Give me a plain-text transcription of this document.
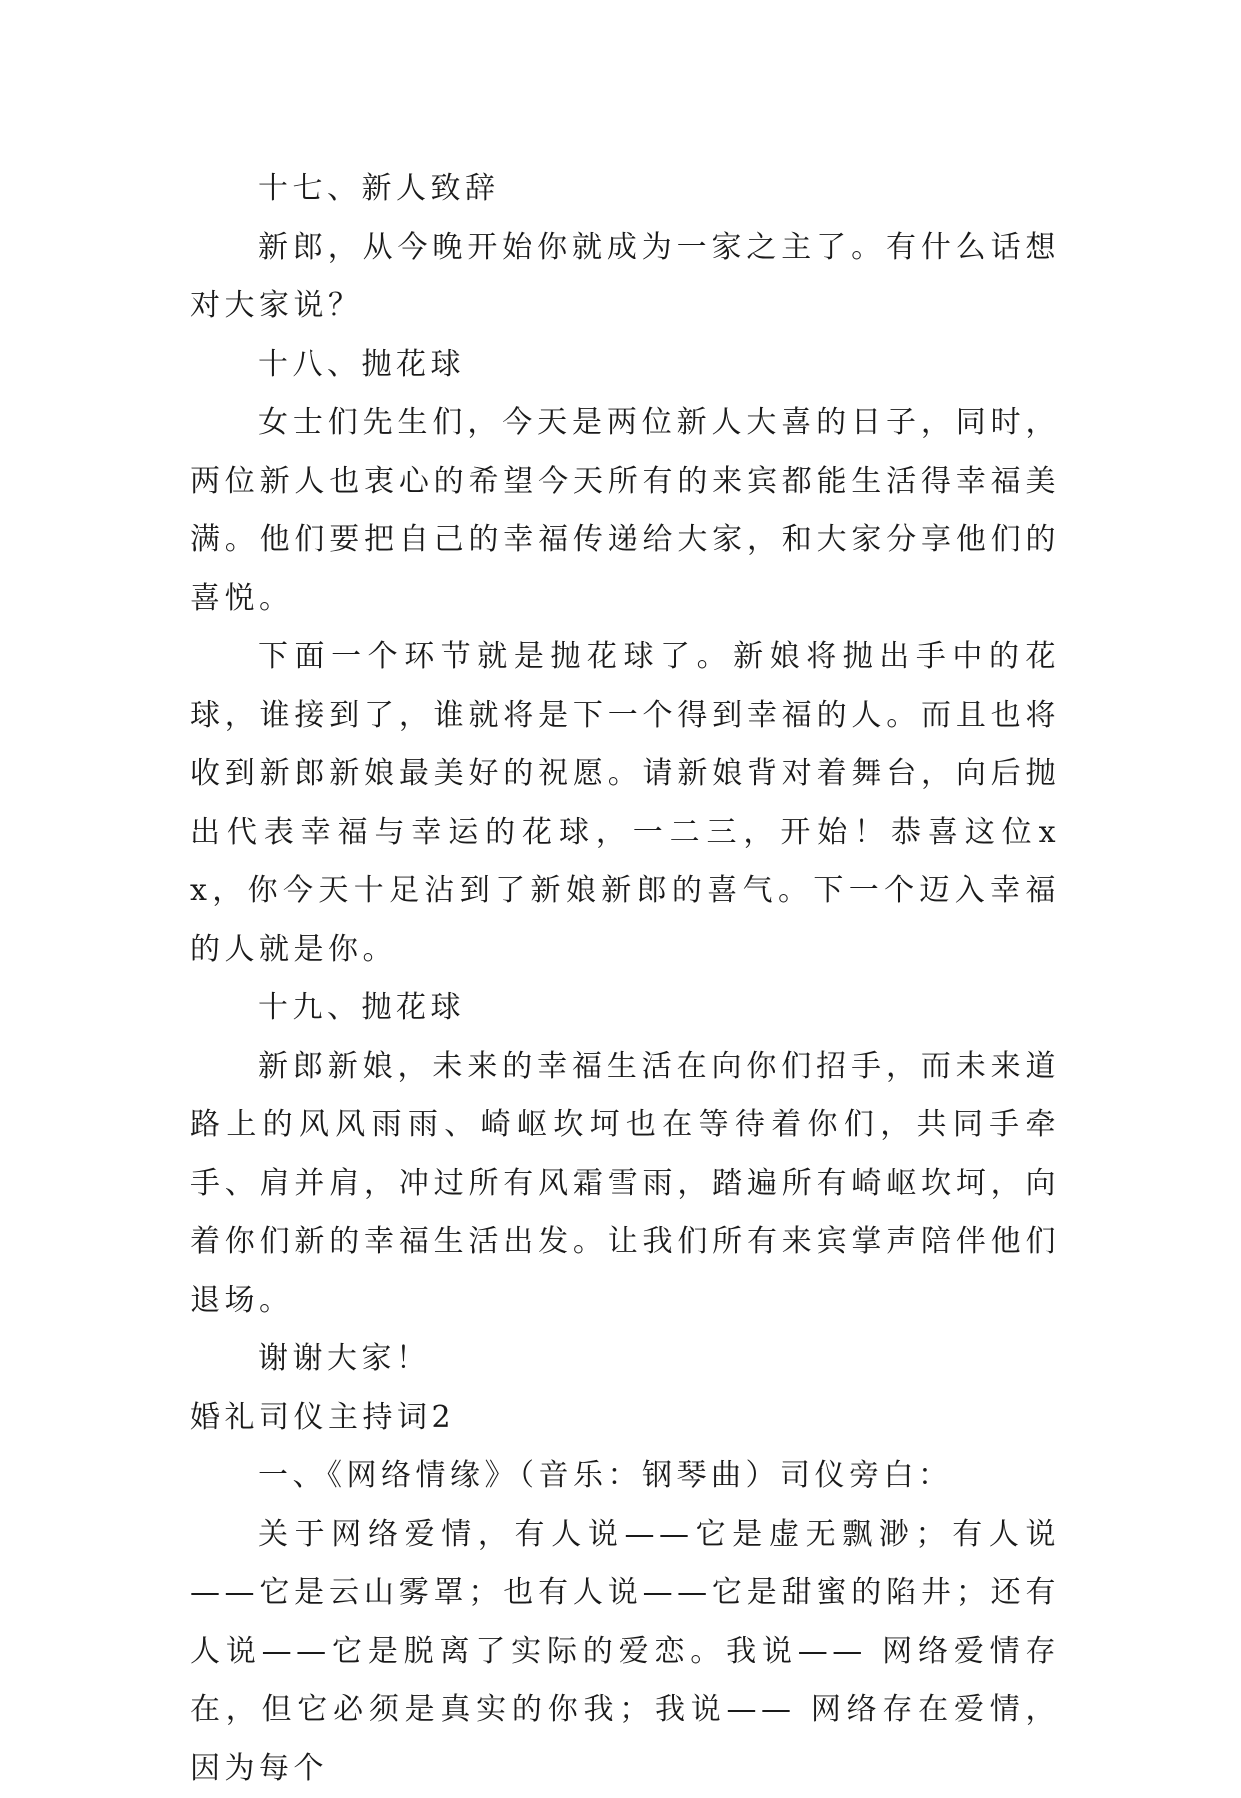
十七、新人致辞

新郎，从今晚开始你就成为一家之主了。有什么话想对大家说？

十八、抛花球

女士们先生们，今天是两位新人大喜的日子，同时，两位新人也衷心的希望今天所有的来宾都能生活得幸福美满。他们要把自己的幸福传递给大家，和大家分享他们的喜悦。

下面一个环节就是抛花球了。新娘将抛出手中的花球，谁接到了，谁就将是下一个得到幸福的人。而且也将收到新郎新娘最美好的祝愿。请新娘背对着舞台，向后抛出代表幸福与幸运的花球，一二三，开始！恭喜这位xx，你今天十足沾到了新娘新郎的喜气。下一个迈入幸福的人就是你。

十九、抛花球

新郎新娘，未来的幸福生活在向你们招手，而未来道路上的风风雨雨、崎岖坎坷也在等待着你们，共同手牵手、肩并肩，冲过所有风霜雪雨，踏遍所有崎岖坎坷，向着你们新的幸福生活出发。让我们所有来宾掌声陪伴他们退场。

谢谢大家！

婚礼司仪主持词2

一、《网络情缘》（音乐：钢琴曲）司仪旁白：

关于网络爱情，有人说——它是虚无飘渺；有人说——它是云山雾罩；也有人说——它是甜蜜的陷井；还有人说——它是脱离了实际的爱恋。我说—— 网络爱情存在，但它必须是真实的你我；我说—— 网络存在爱情，因为每个
